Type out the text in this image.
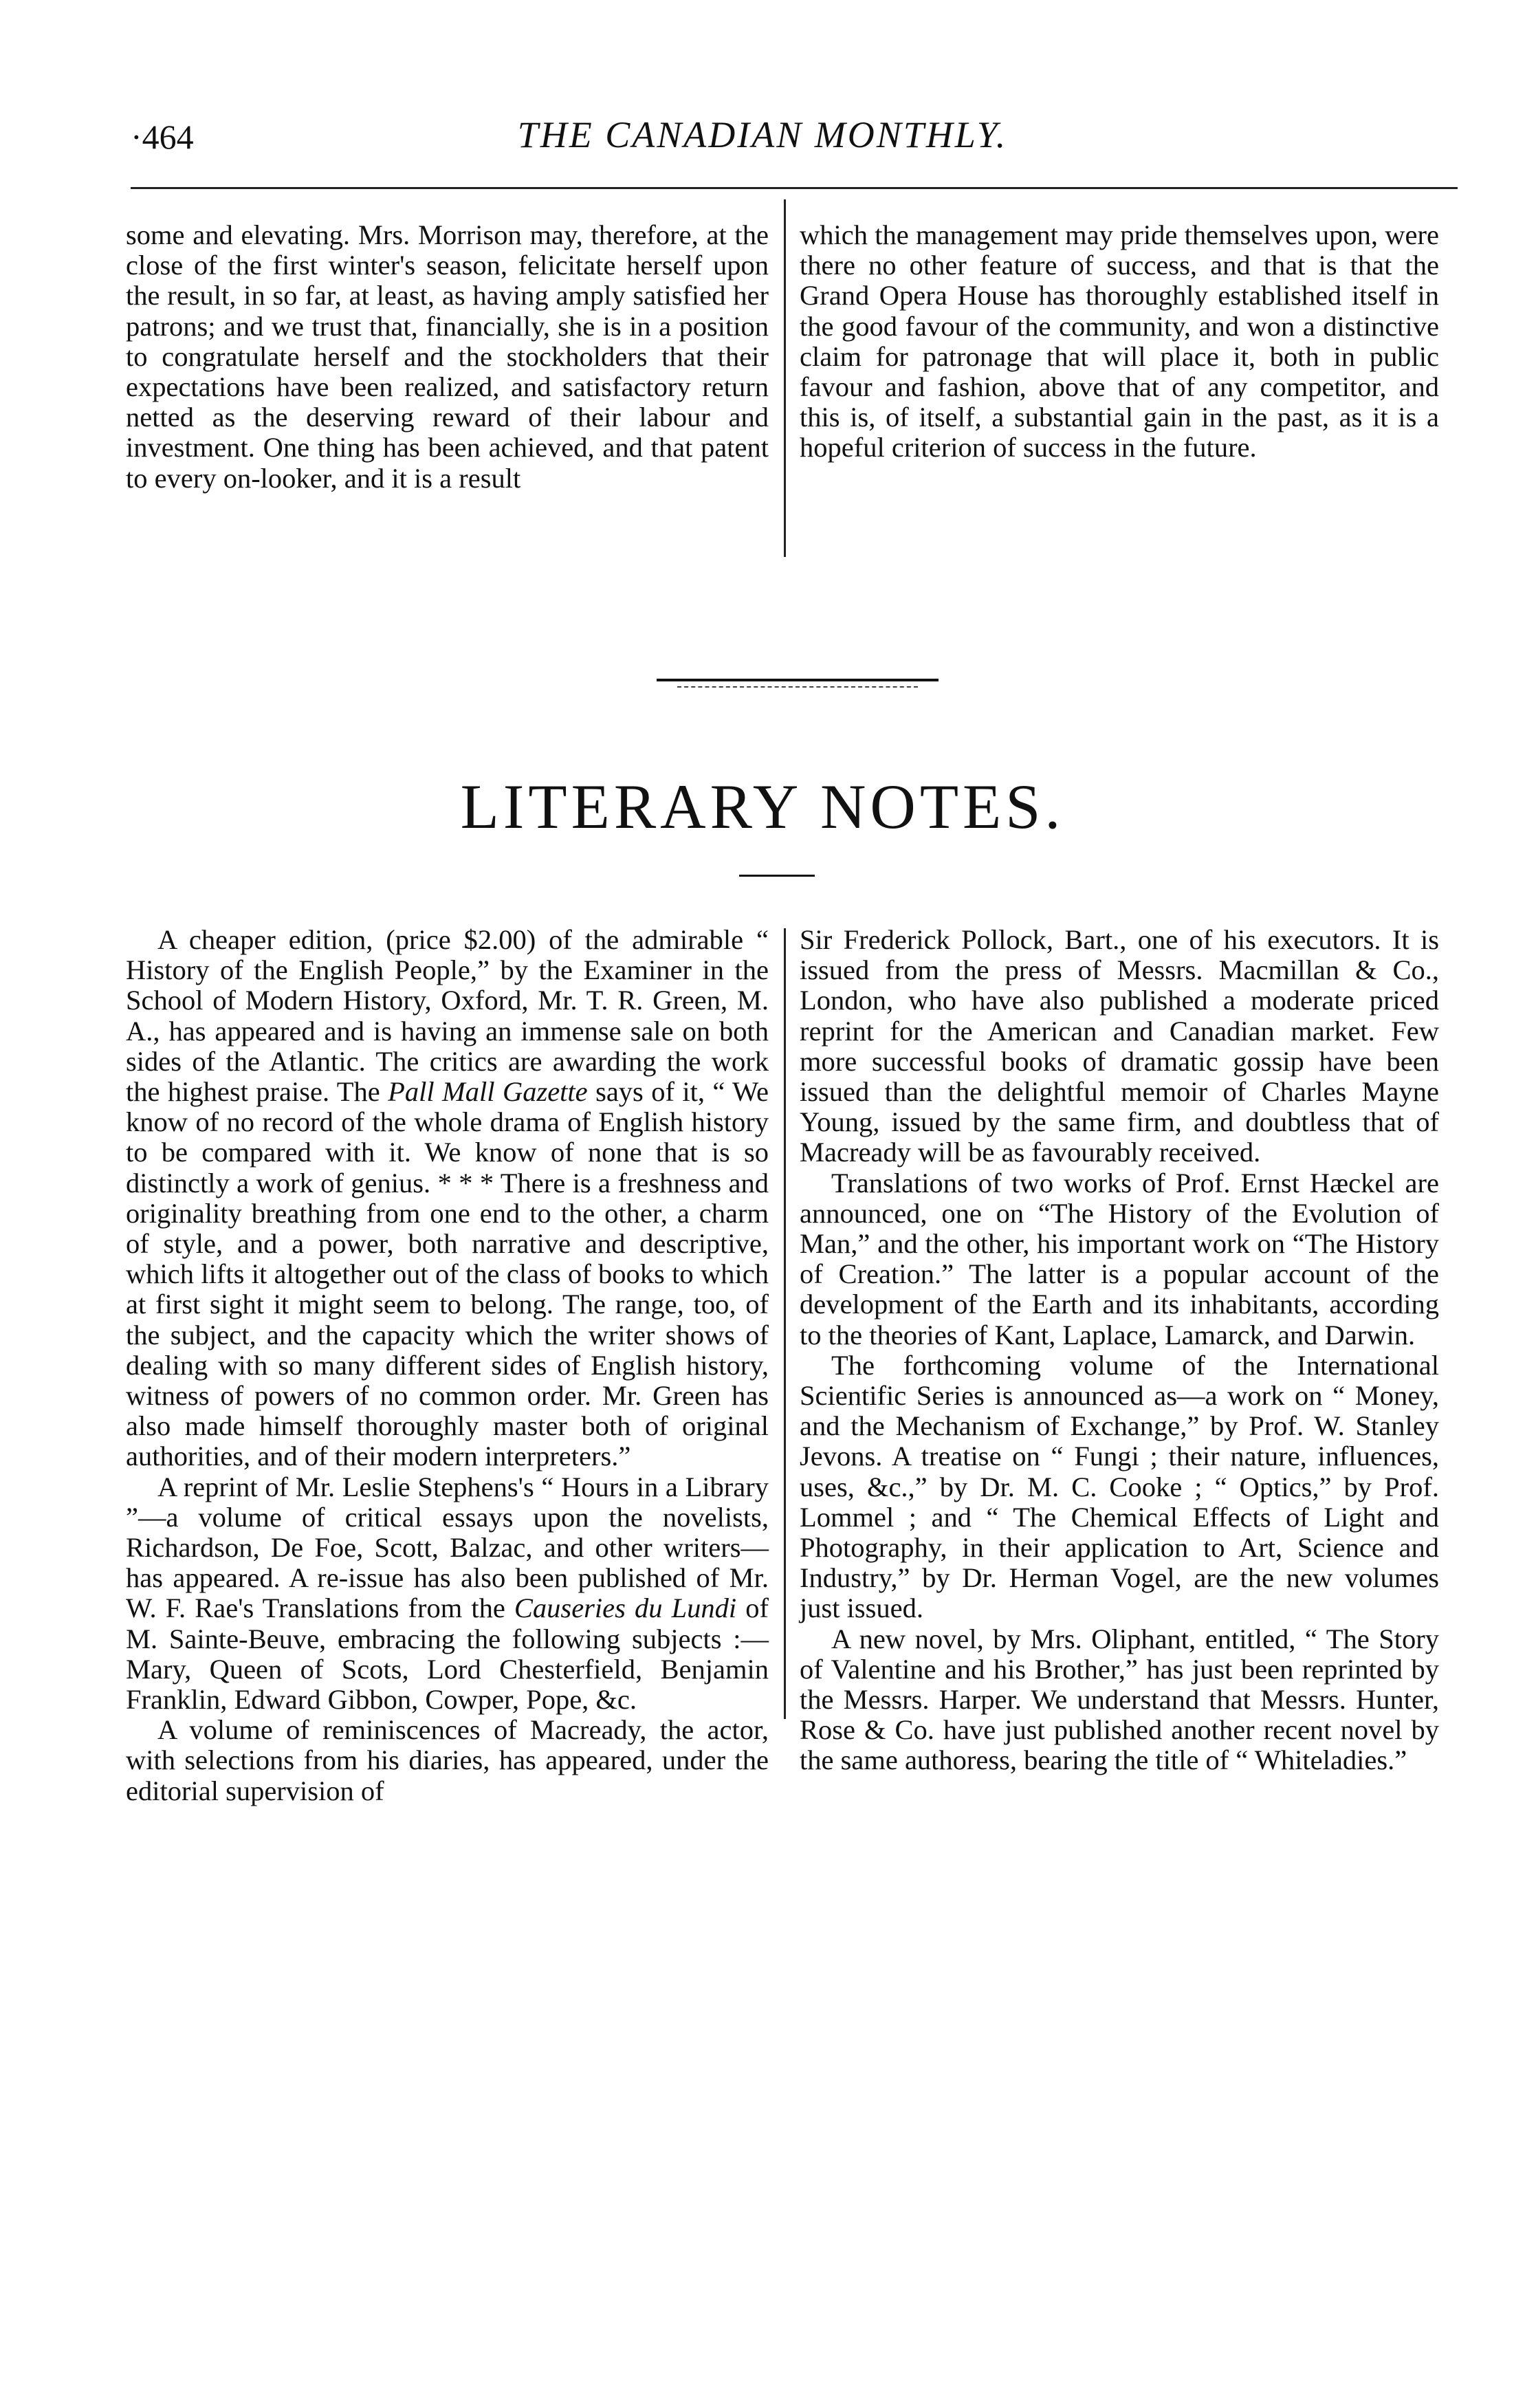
·464	THE CANADIAN MONTHLY.

some and elevating. Mrs. Morrison may, therefore, at the close of the first winter's season, felicitate herself upon the result, in so far, at least, as having amply satisfied her patrons; and we trust that, financially, she is in a position to congratulate herself and the stockholders that their expectations have been realized, and satisfactory return netted as the deserving reward of their labour and investment. One thing has been achieved, and that patent to every on-looker, and it is a result

which the management may pride themselves upon, were there no other feature of success, and that is that the Grand Opera House has thoroughly established itself in the good favour of the community, and won a distinctive claim for patronage that will place it, both in public favour and fashion, above that of any competitor, and this is, of itself, a substantial gain in the past, as it is a hopeful criterion of success in the future.

LITERARY NOTES.

A cheaper edition, (price $2.00) of the admirable “ History of the English People,” by the Examiner in the School of Modern History, Oxford, Mr. T. R. Green, M. A., has appeared and is having an immense sale on both sides of the Atlantic. The critics are awarding the work the highest praise. The Pall Mall Gazette says of it, “ We know of no record of the whole drama of English history to be compared with it. We know of none that is so distinctly a work of genius. * * * There is a freshness and originality breathing from one end to the other, a charm of style, and a power, both narrative and descriptive, which lifts it altogether out of the class of books to which at first sight it might seem to belong. The range, too, of the subject, and the capacity which the writer shows of dealing with so many different sides of English history, witness of powers of no common order. Mr. Green has also made himself thoroughly master both of original authorities, and of their modern interpreters.”

A reprint of Mr. Leslie Stephens's “ Hours in a Library ”—a volume of critical essays upon the novelists, Richardson, De Foe, Scott, Balzac, and other writers—has appeared. A re-issue has also been published of Mr. W. F. Rae's Translations from the Causeries du Lundi of M. Sainte-Beuve, embracing the following subjects :—Mary, Queen of Scots, Lord Chesterfield, Benjamin Franklin, Edward Gibbon, Cowper, Pope, &c.

A volume of reminiscences of Macready, the actor, with selections from his diaries, has appeared, under the editorial supervision of

Sir Frederick Pollock, Bart., one of his executors. It is issued from the press of Messrs. Macmillan & Co., London, who have also published a moderate priced reprint for the American and Canadian market. Few more successful books of dramatic gossip have been issued than the delightful memoir of Charles Mayne Young, issued by the same firm, and doubtless that of Macready will be as favourably received.

Translations of two works of Prof. Ernst Hæckel are announced, one on “The History of the Evolution of Man,” and the other, his important work on “The History of Creation.” The latter is a popular account of the development of the Earth and its inhabitants, according to the theories of Kant, Laplace, Lamarck, and Darwin.

The forthcoming volume of the International Scientific Series is announced as—a work on “ Money, and the Mechanism of Exchange,” by Prof. W. Stanley Jevons. A treatise on “ Fungi ; their nature, influences, uses, &c.,” by Dr. M. C. Cooke ; “ Optics,” by Prof. Lommel ; and “ The Chemical Effects of Light and Photography, in their application to Art, Science and Industry,” by Dr. Herman Vogel, are the new volumes just issued.

A new novel, by Mrs. Oliphant, entitled, “ The Story of Valentine and his Brother,” has just been reprinted by the Messrs. Harper. We understand that Messrs. Hunter, Rose & Co. have just published another recent novel by the same authoress, bearing the title of “ Whiteladies.”
